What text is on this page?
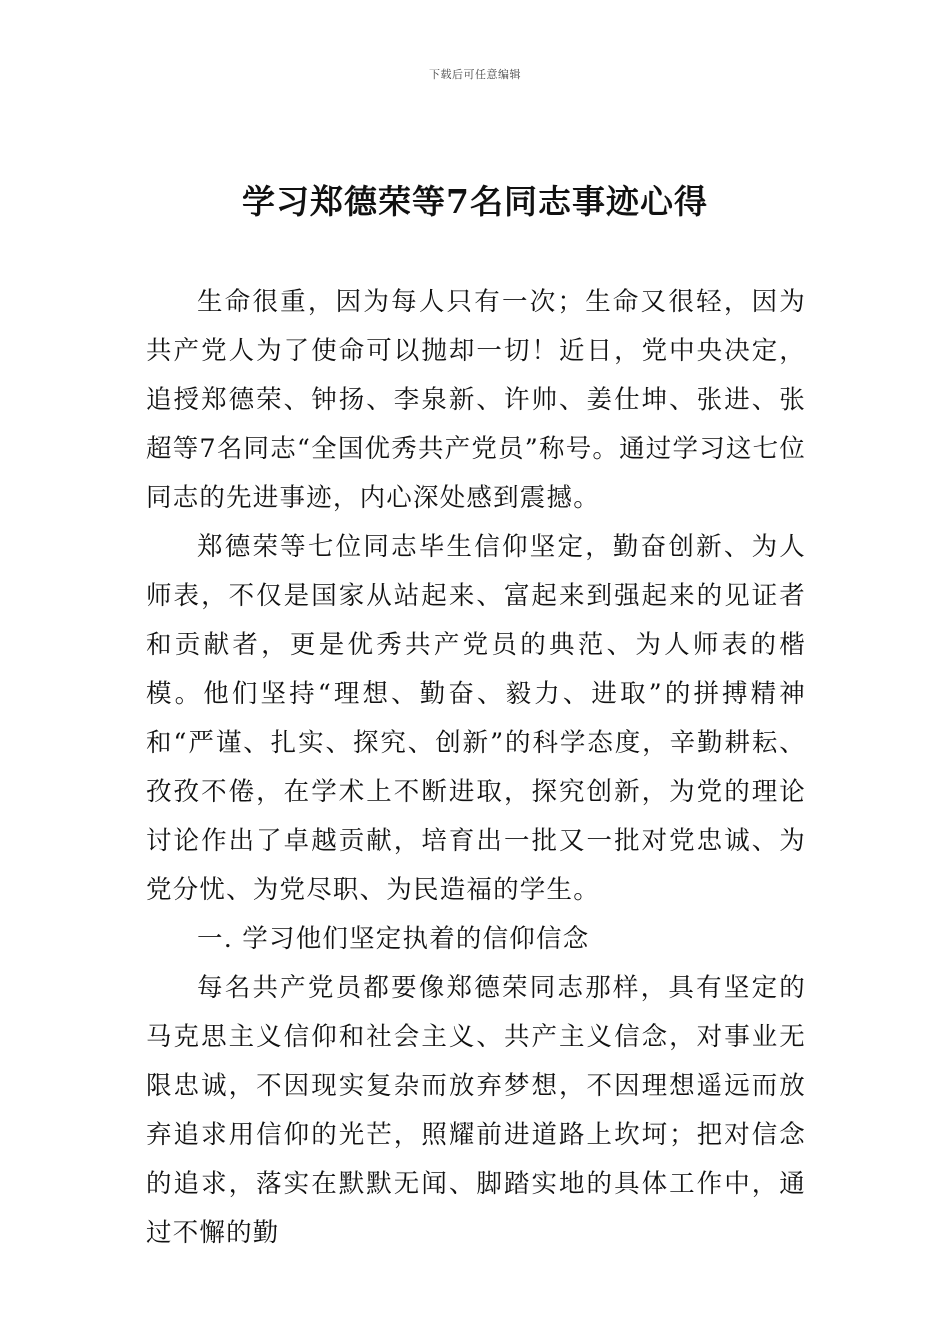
下载后可任意编辑
学习郑德荣等7名同志事迹心得

生命很重，因为每人只有一次；生命又很轻，因为共产党人为了使命可以抛却一切！近日，党中央决定，追授郑德荣、钟扬、李泉新、许帅、姜仕坤、张进、张超等7名同志“全国优秀共产党员”称号。通过学习这七位同志的先进事迹，内心深处感到震撼。

郑德荣等七位同志毕生信仰坚定，勤奋创新、为人师表，不仅是国家从站起来、富起来到强起来的见证者和贡献者，更是优秀共产党员的典范、为人师表的楷模。他们坚持“理想、勤奋、毅力、进取”的拼搏精神和“严谨、扎实、探究、创新”的科学态度，辛勤耕耘、孜孜不倦，在学术上不断进取，探究创新，为党的理论讨论作出了卓越贡献，培育出一批又一批对党忠诚、为党分忧、为党尽职、为民造福的学生。

一. 学习他们坚定执着的信仰信念

每名共产党员都要像郑德荣同志那样，具有坚定的马克思主义信仰和社会主义、共产主义信念，对事业无限忠诚，不因现实复杂而放弃梦想，不因理想遥远而放弃追求用信仰的光芒，照耀前进道路上坎坷；把对信念的追求，落实在默默无闻、脚踏实地的具体工作中，通过不懈的勤
